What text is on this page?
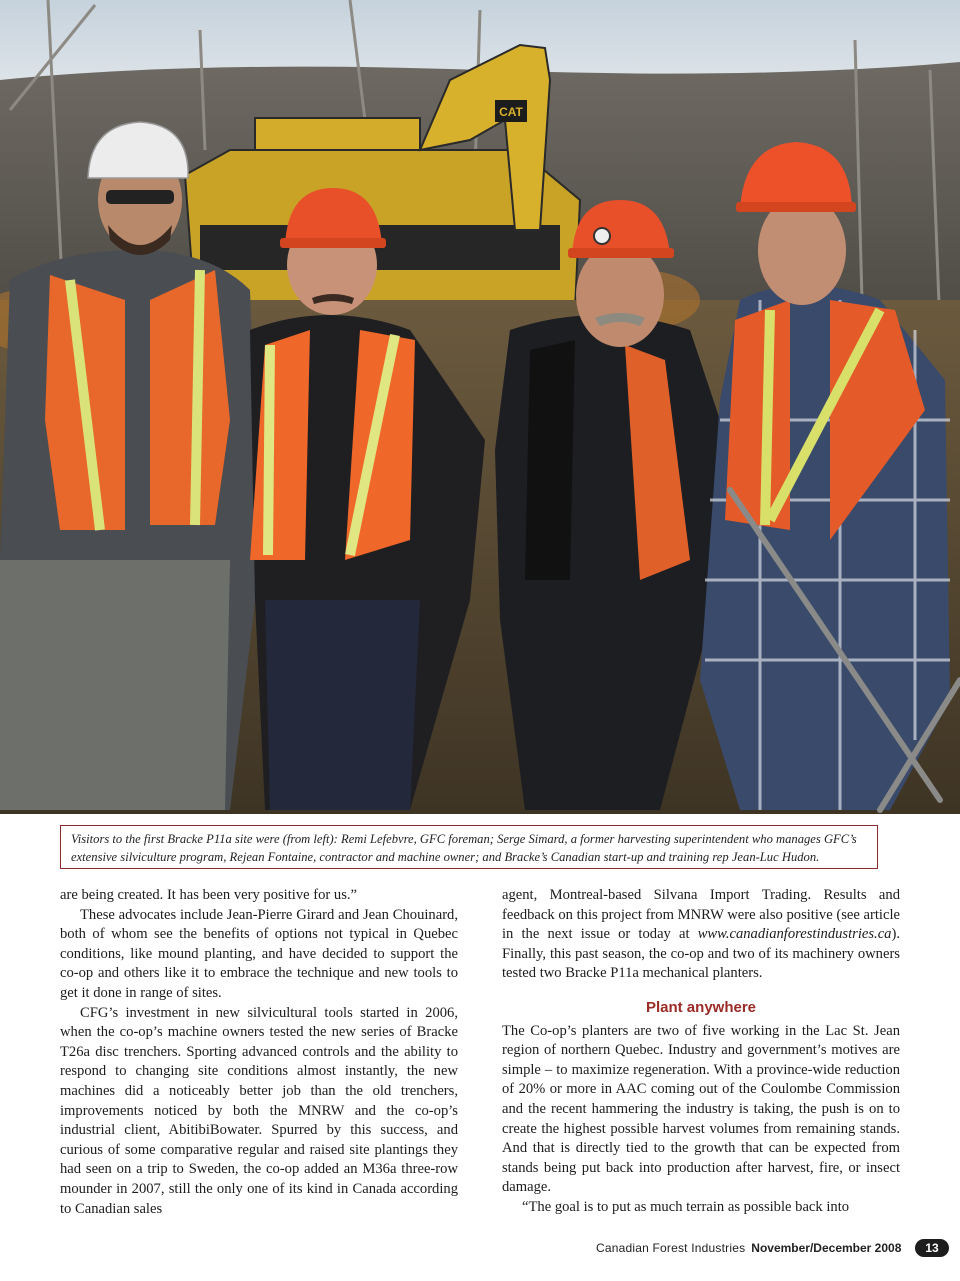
CAT
Visitors to the first Bracke P11a site were (from left): Remi Lefebvre, GFC foreman; Serge Simard, a former harvesting superintendent who manages GFC’s extensive silviculture program, Rejean Fontaine, contractor and machine owner; and Bracke’s Canadian start-up and training rep Jean-Luc Hudon.

are being created. It has been very positive for us.”

These advocates include Jean-Pierre Girard and Jean Chouinard, both of whom see the benefits of options not typical in Quebec conditions, like mound planting, and have decided to support the co-op and others like it to embrace the technique and new tools to get it done in range of sites.

CFG’s investment in new silvicultural tools started in 2006, when the co-op’s machine owners tested the new series of Bracke T26a disc trenchers. Sporting advanced controls and the ability to respond to changing site conditions almost instantly, the new machines did a noticeably better job than the old trenchers, improvements noticed by both the MNRW and the co-op’s industrial client, AbitibiBowater. Spurred by this success, and curious of some comparative regular and raised site plantings they had seen on a trip to Sweden, the co-op added an M36a three-row mounder in 2007, still the only one of its kind in Canada according to Canadian sales

agent, Montreal-based Silvana Import Trading. Results and feedback on this project from MNRW were also positive (see article in the next issue or today at www.canadianforestindustries.ca). Finally, this past season, the co-op and two of its machinery owners tested two Bracke P11a mechanical planters.

Plant anywhere

The Co-op’s planters are two of five working in the Lac St. Jean region of northern Quebec. Industry and government’s motives are simple – to maximize regeneration. With a province-wide reduction of 20% or more in AAC coming out of the Coulombe Commission and the recent hammering the industry is taking, the push is on to create the highest possible harvest volumes from remaining stands. And that is directly tied to the growth that can be expected from stands being put back into production after harvest, fire, or insect damage.

“The goal is to put as much terrain as possible back into

Canadian Forest Industries November/December 2008	13
